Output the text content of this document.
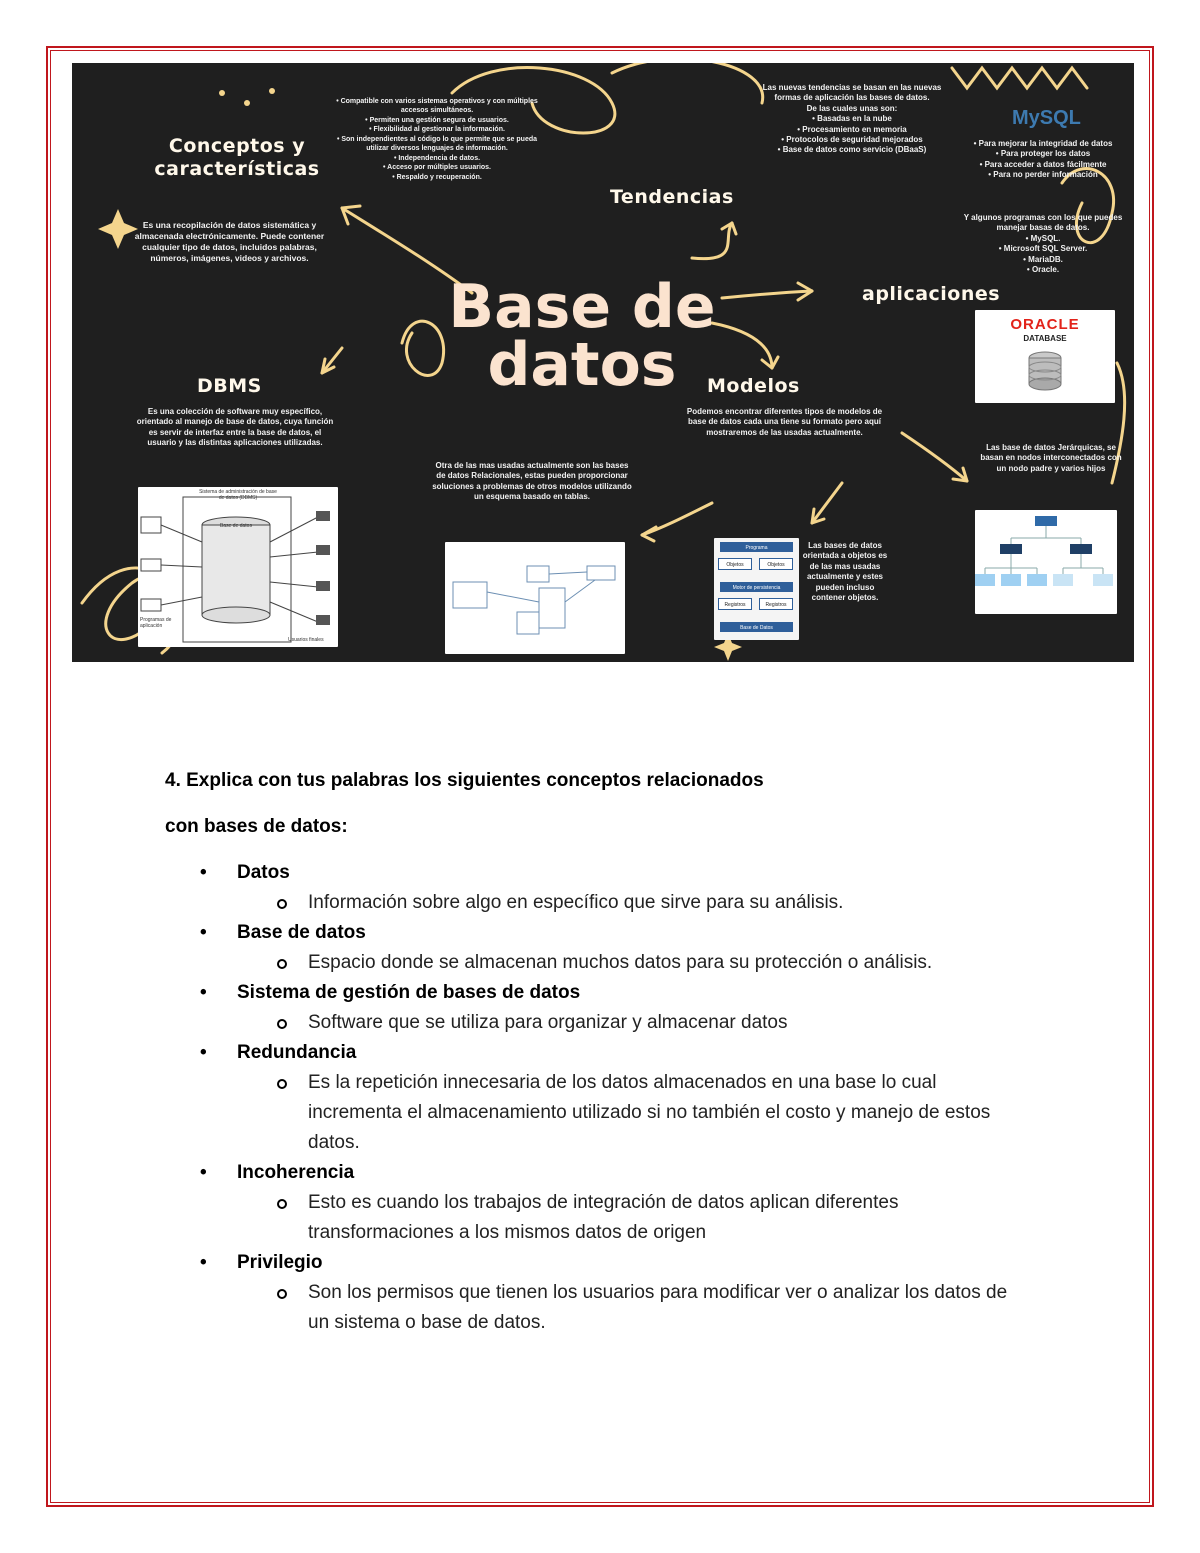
Conceptos y
características
Es una recopilación de datos sistemática y almacenada electrónicamente. Puede contener cualquier tipo de datos, incluidos palabras, números, imágenes, videos y archivos.
• Compatible con varios sistemas operativos y con múltiples accesos simultáneos.
• Permiten una gestión segura de usuarios.
• Flexibilidad al gestionar la información.
• Son independientes al código lo que permite que se pueda utilizar diversos lenguajes de información.
• Independencia de datos.
• Acceso por múltiples usuarios.
• Respaldo y recuperación.
Base de
datos
Las nuevas tendencias se basan en las nuevas formas de aplicación las bases de datos.
De las cuales unas son:
• Basadas en la nube
• Procesamiento en memoria
• Protocolos de seguridad mejorados
• Base de datos como servicio (DBaaS)
Tendencias
MySQL
• Para mejorar la integridad de datos
• Para proteger los datos
• Para acceder a datos fácilmente
• Para no perder información
Y algunos programas con los que puedes manejar basas de datos.
• MySQL.
• Microsoft SQL Server.
• MariaDB.
• Oracle.
aplicaciones
ORACLE
DATABASE
DBMS
Es una colección de software muy específico, orientado al manejo de base de datos, cuya función es servir de interfaz entre la base de datos, el usuario y las distintas aplicaciones utilizadas.
Sistema de administración de base de datos (DBMS)
Base de datos
Programas de aplicación
Usuarios finales
Modelos
Podemos encontrar diferentes tipos de modelos de base de datos cada una tiene su formato pero aquí mostraremos de las usadas actualmente.
Otra de las mas usadas actualmente son las bases de datos Relacionales, estas pueden proporcionar soluciones a problemas de otros modelos utilizando un esquema basado en tablas.
Programa
Objetos	Objetos
Motor de persistencia
Registros	Registros
Base de Datos
Las bases de datos orientada a objetos es de las mas usadas actualmente y estes pueden incluso contener objetos.
Las base de datos Jerárquicas, se basan en nodos interconectados con un nodo padre y varios hijos
4. Explica con tus palabras los siguientes conceptos relacionados
con bases de datos:
• Datos
Información sobre algo en específico que sirve para su análisis.
• Base de datos
Espacio donde se almacenan muchos datos para su protección o análisis.
• Sistema de gestión de bases de datos
Software que se utiliza para organizar y almacenar datos
• Redundancia
Es la repetición innecesaria de los datos almacenados en una base lo cual incrementa el almacenamiento utilizado si no también el costo y manejo de estos datos.
• Incoherencia
Esto es cuando los trabajos de integración de datos aplican diferentes transformaciones a los mismos datos de origen
• Privilegio
Son los permisos que tienen los usuarios para modificar ver o analizar los datos de un sistema o base de datos.
